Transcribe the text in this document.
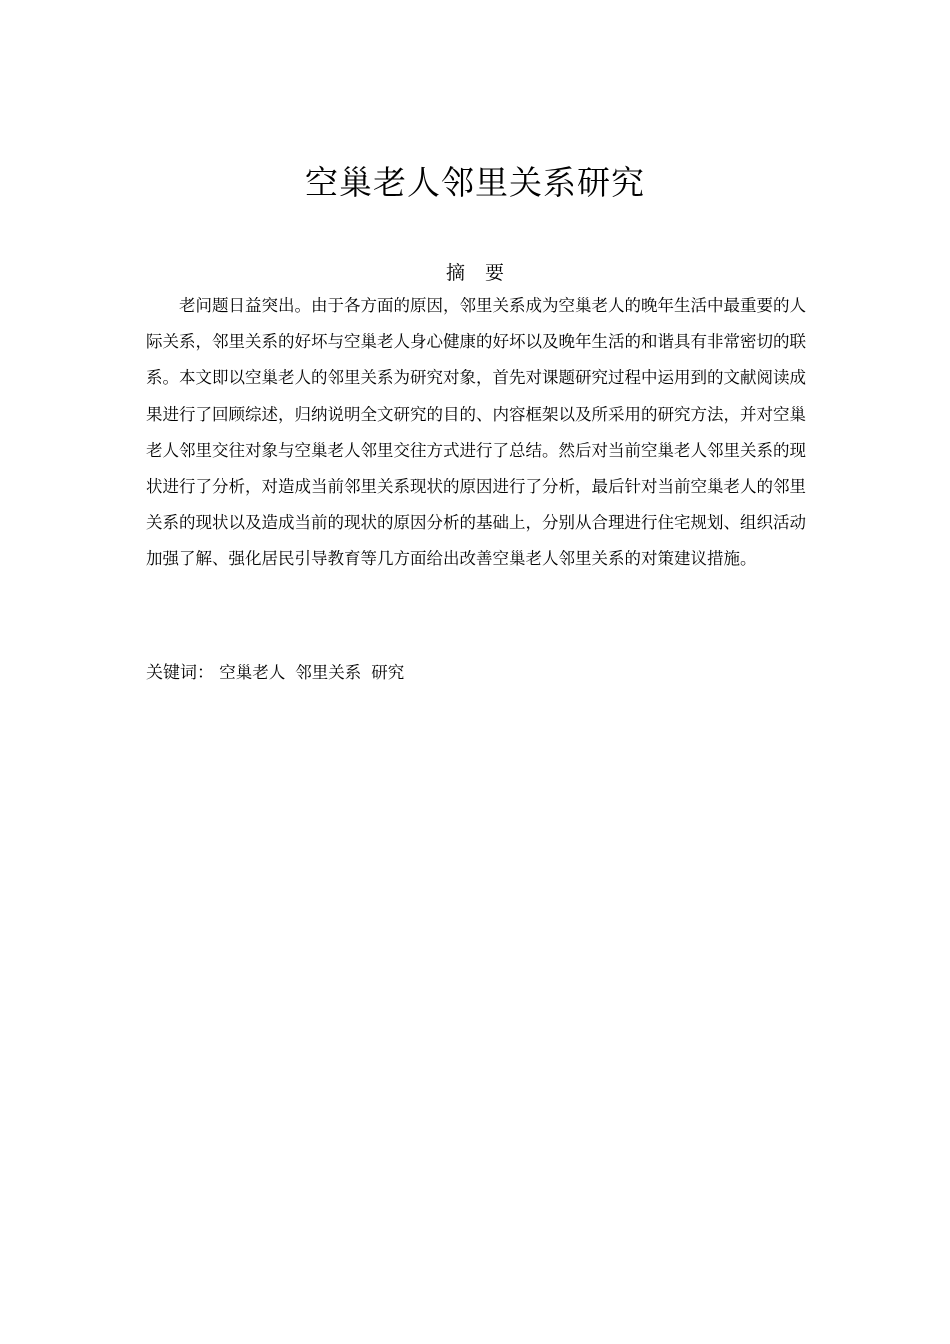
空巢老人邻里关系研究
摘要

老问题日益突出。由于各方面的原因，邻里关系成为空巢老人的晚年生活中最重要的人际关系，邻里关系的好坏与空巢老人身心健康的好坏以及晚年生活的和谐具有非常密切的联系。本文即以空巢老人的邻里关系为研究对象，首先对课题研究过程中运用到的文献阅读成果进行了回顾综述，归纳说明全文研究的目的、内容框架以及所采用的研究方法，并对空巢老人邻里交往对象与空巢老人邻里交往方式进行了总结。然后对当前空巢老人邻里关系的现状进行了分析，对造成当前邻里关系现状的原因进行了分析，最后针对当前空巢老人的邻里关系的现状以及造成当前的现状的原因分析的基础上，分别从合理进行住宅规划、组织活动加强了解、强化居民引导教育等几方面给出改善空巢老人邻里关系的对策建议措施。

关键词： 空巢老人 邻里关系 研究
